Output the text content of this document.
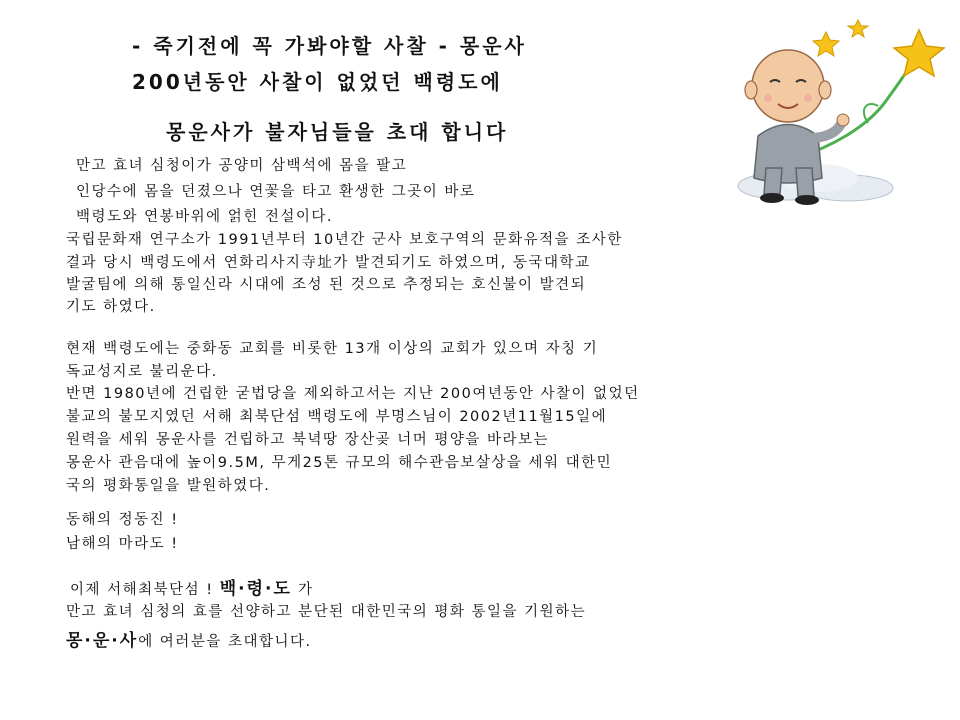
- 죽기전에 꼭 가봐야할 사찰 - 몽운사
200년동안 사찰이 없었던 백령도에
몽운사가 불자님들을 초대 합니다
만고 효녀 심청이가 공양미 삼백석에 몸을 팔고
인당수에 몸을 던졌으나 연꽃을 타고 환생한 그곳이 바로
백령도와 연봉바위에 얽힌 전설이다.
국립문화재 연구소가 1991년부터 10년간 군사 보호구역의 문화유적을 조사한
결과 당시 백령도에서 연화리사지寺址가 발견되기도 하였으며, 동국대학교
발굴팀에 의해 통일신라 시대에 조성 된 것으로 추정되는 호신불이 발견되
기도 하였다.
현재 백령도에는 중화동 교회를 비롯한 13개 이상의 교회가 있으며 자칭 기
독교성지로 불리운다.
반면 1980년에 건립한 굳법당을 제외하고서는 지난 200여년동안 사찰이 없었던
불교의 불모지였던 서해 최북단섬 백령도에 부명스님이 2002년11월15일에
원력을 세워 몽운사를 건립하고 북녁땅 장산곶 너머 평양을 바라보는
몽운사 관음대에 높이9.5M, 무게25톤 규모의 해수관음보살상을 세워 대한민
국의 평화통일을 발원하였다.
동해의 정동진 !
남해의 마라도 !
이제 서해최북단섬 ! 백·령·도 가
만고 효녀 심청의 효를 선양하고 분단된 대한민국의 평화 통일을 기원하는
몽·운·사에 여러분을 초대합니다.
